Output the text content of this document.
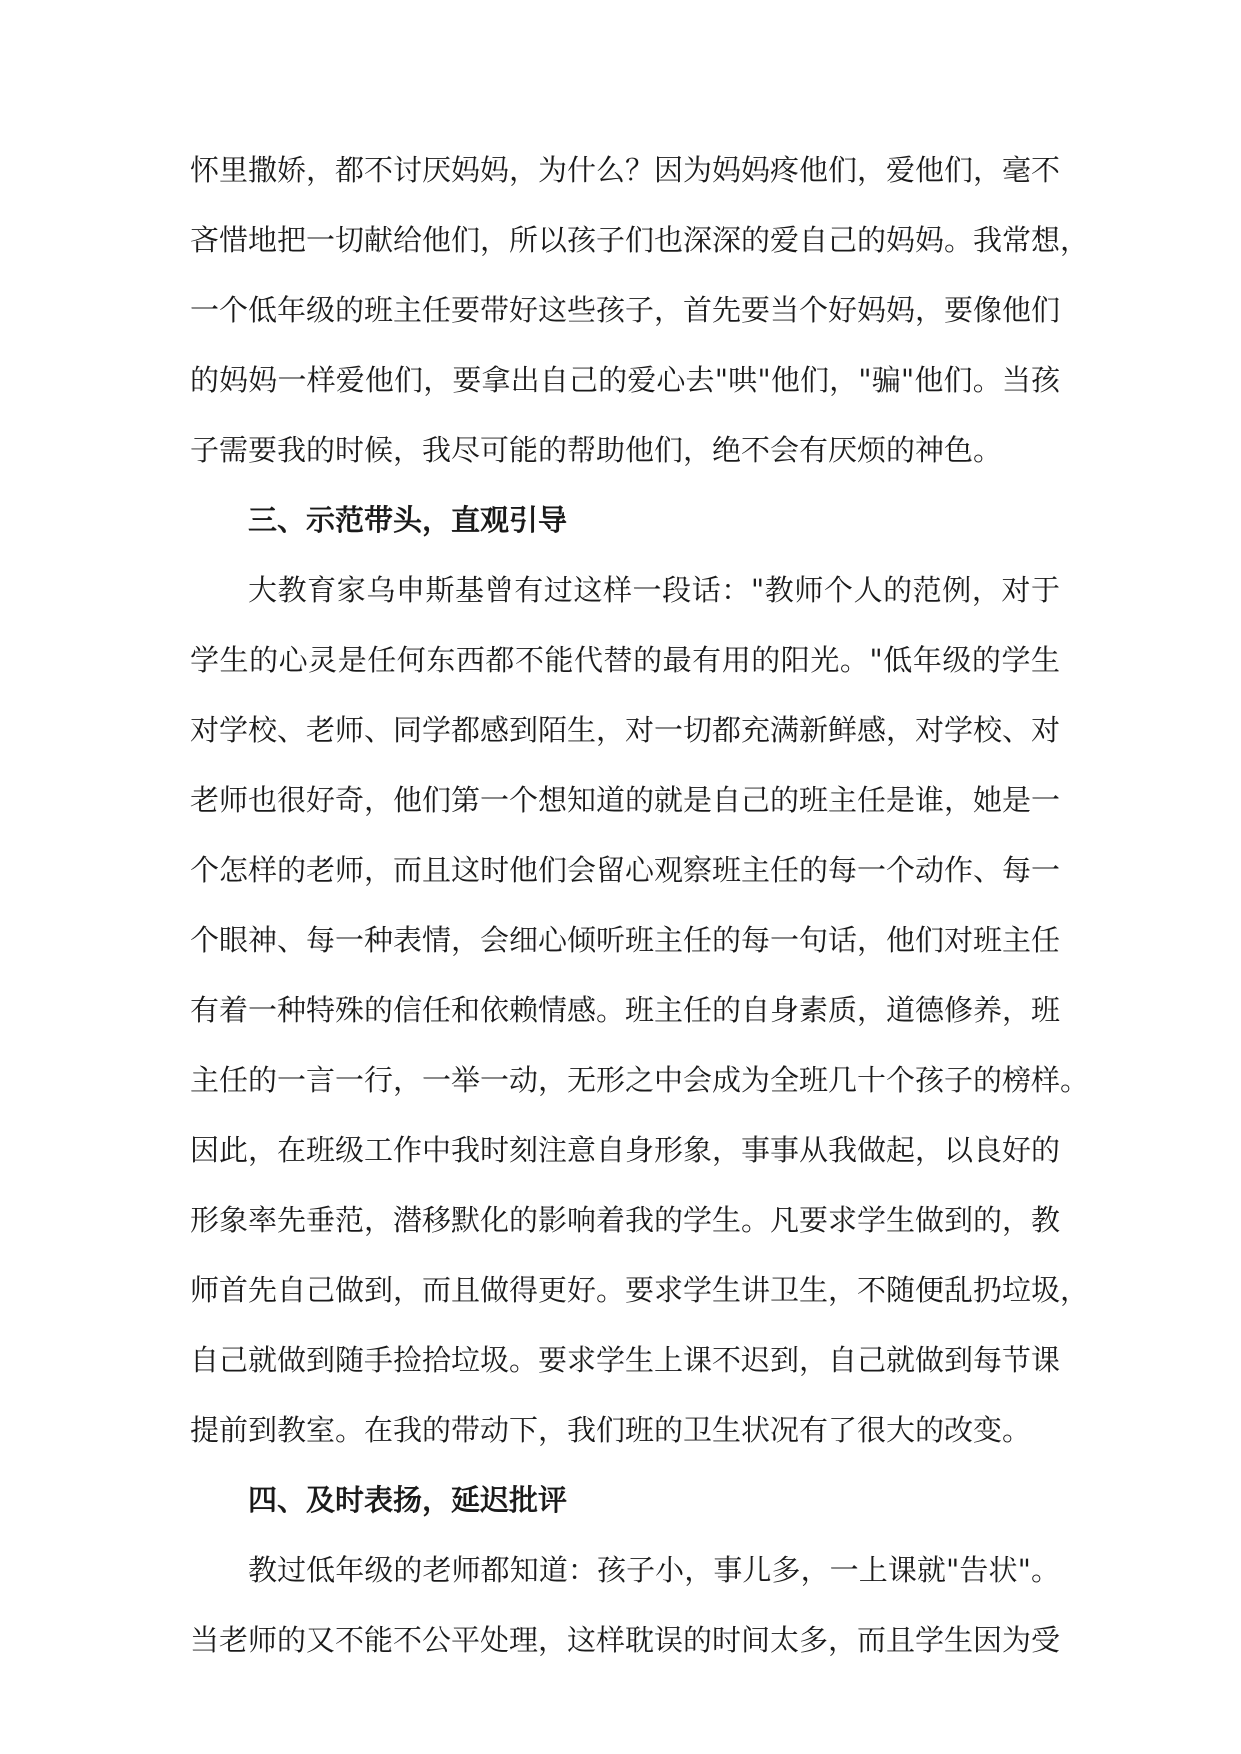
怀里撒娇，都不讨厌妈妈，为什么？因为妈妈疼他们，爱他们，毫不
吝惜地把一切献给他们，所以孩子们也深深的爱自己的妈妈。我常想，
一个低年级的班主任要带好这些孩子，首先要当个好妈妈，要像他们
的妈妈一样爱他们，要拿出自己的爱心去"哄"他们，"骗"他们。当孩
子需要我的时候，我尽可能的帮助他们，绝不会有厌烦的神色。
三、示范带头，直观引导
大教育家乌申斯基曾有过这样一段话："教师个人的范例，对于
学生的心灵是任何东西都不能代替的最有用的阳光。"低年级的学生
对学校、老师、同学都感到陌生，对一切都充满新鲜感，对学校、对
老师也很好奇，他们第一个想知道的就是自己的班主任是谁，她是一
个怎样的老师，而且这时他们会留心观察班主任的每一个动作、每一
个眼神、每一种表情，会细心倾听班主任的每一句话，他们对班主任
有着一种特殊的信任和依赖情感。班主任的自身素质，道德修养，班
主任的一言一行，一举一动，无形之中会成为全班几十个孩子的榜样。
因此，在班级工作中我时刻注意自身形象，事事从我做起，以良好的
形象率先垂范，潜移默化的影响着我的学生。凡要求学生做到的，教
师首先自己做到，而且做得更好。要求学生讲卫生，不随便乱扔垃圾，
自己就做到随手捡拾垃圾。要求学生上课不迟到，自己就做到每节课
提前到教室。在我的带动下，我们班的卫生状况有了很大的改变。
四、及时表扬，延迟批评
教过低年级的老师都知道：孩子小，事儿多，一上课就"告状"。
当老师的又不能不公平处理，这样耽误的时间太多，而且学生因为受
